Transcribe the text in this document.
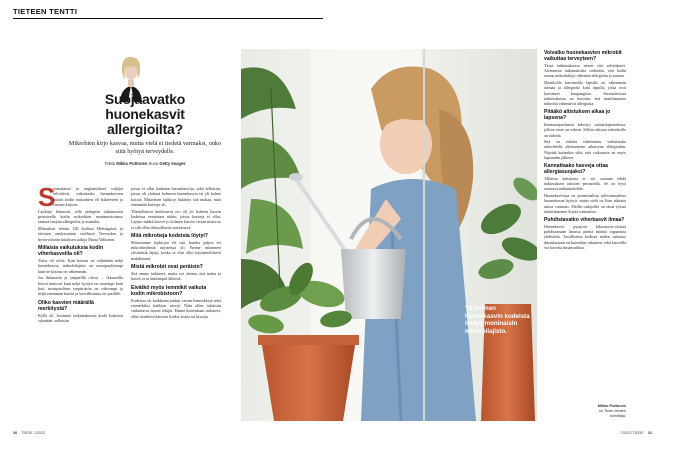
TIETEEN TENTTI
Suojaavatko huonekasvit allergioilta?
Mikrobien kirjo kasvaa, mutta vielä ei tiedetä varmaksi, onko siitä hyötyä terveydelle.
Teksti Mikko Puttonen Kuva Getty Images
S

uomalaiset ja englantilaiset tutkijat selvittivät, vaikuttaako huonekasvien määrä kodin mikrobien eli bakteerien ja sienten kirjoon.

Lajikirjo kiinnosti, sillä aiempien tutkimusten perusteella kodin mikrobien monimuotoisuus saattaa suojata allergioilta ja astmalta.

Mittaukset tehtiin 150 kodissa Helsingissä, ja tulosten analysoinnin osallistui Terveyden ja hyvinvoinnin laitoksen tutkija Maria Valkonen.

Millaisia vaikutuksia kodin viherkasveilla oli?

Tulos oli selvä. Kun kotona on vähintään neljä huonekasvia, mikrobilajisto on monipuolisempi kuin ne kotona on vähemmän.

Jos ikkunasta ja ympärillä olivat ... ikkunoilla kasvit tuntuvat kuin neljä hyötyä on suurempi kuin koti, monipuolisen ympäristön on vahvempi ja neljä enemmän kasvia ja kasvillisuutta eri puolille.

Oliko kasvien määrällä merkitystä?

Kyllä oli. Jaoimme tutkimuksessa kodit kolmeen ryhmään: sellaisiin

joissa ei ollut lainkaan huonekasveja, sekä sellaisiin, joissa oli yhdestä kolmeen huonekasvia tai yli kolme kasvia. Mikrobien lajikirjo lisääntyi sitä mukaa, mitä enemmän kasveja oli.

Tilastollisesti merkitsevä ero oli yli kolmen kasvin kodeissa verrattuna niihin, joissa kasveja ei ollut. Lajisto määrä kasvoi jo kolmen kasvin verran mutta se ei silti ollut tilastollisesti merkitsevä.

Mitä mikrobeja kodeista löytyi?

Mittasimme lajikirjoa eli sitä, kuinka paljon eri mikrobiryhmiä näytteissä oli. Emme mitanneet yksittäisiä lajeja, koska se olisi ollut käytännöllisesti mahdotonta.

Mistä mikrobit ovat peräisin?

Sitä emme tutkineet, mutta voi olettaa, että multa ja kasvit ovat tärkeimpiä lähteitä.

Eivätkö myös lemmikit vaikuta kodin mikrobistoon?

Kodeissa oli kaikkiaan jonkin verran lemmikkejä sekä esimerkiksi kukkien värejä. Näin ollen tuloksiin vaikuttavat monet tekijät. Emme kuitenkaan tutkineet, oliko kodeissa kasvien lisäksi koiria tai kissoja.

30 TIEDE 7/2022
Yli kolmen huonekasvin kodeista löytyy moninaisin mikrobilajisto.
Voivatko huonekasvien mikrobit vaikuttaa terveyteen?

Tässä tutkimuksessa emme sitä selvittäneet. Aiemmista tutkimuksista tiedetään, että kodin runsas mikrobikirjo vähentää allergioita ja astmaa.

Maatiloilla kasvaneilla lapsilla on vähemmän astmaa ja allergioita kuin lapsilla, jotka ovat kasvaneet kaupungissa. Suomalaisissa tutkimuksissa on havaittu, että maatilamaiset mikrobit vähentävät allergioita.

Pitääkö altistuksen alkaa jo lapsena?

Immuunipuolustus kehittyy varhaislapsuudessa, jolloin vaste on vahvin. Silloin altistus mikrobeille on tärkeää.

Sitä on tutkittu vähemmän, vaikuttaako mikrobeille altistuminen aikuisena allergioihin. Näyttää kuitenkin siltä, että vaikutusta on myös lapsuuden jälkeen.

Kannattaako kasveja ottaa allergiasuojaksi?

Tällaista kehotusta ei voi suoraan tehdä tutkimuksen tulosten perusteella. Se on hyvä seuraava tutkimuskohde.

Huonekasveista on potentiaalista tulevaisuudessa huomattavaa hyötyä, mutta vielä on liian aikaista sanoa varmasti. Meillä tutkijoilla on tässä työssä tehtävänämme löytää vastauksia.

Puhdistavatko viherkasvit ilmaa?

Huonekasvit pystyvät laboratorio-oloissa puhdistamaan ilmasta pieniä määriä orgaanisia yhdisteitä. Tavallisessa kodissa niiden vaikutus ilmanlaatuun on kuitenkin vähäinen, eikä kasveilla voi korvata ilmanvaihtoa.

Mikko Puttonen
on Tiede-lehden toimittaja.
7/2022 TIEDE 31
